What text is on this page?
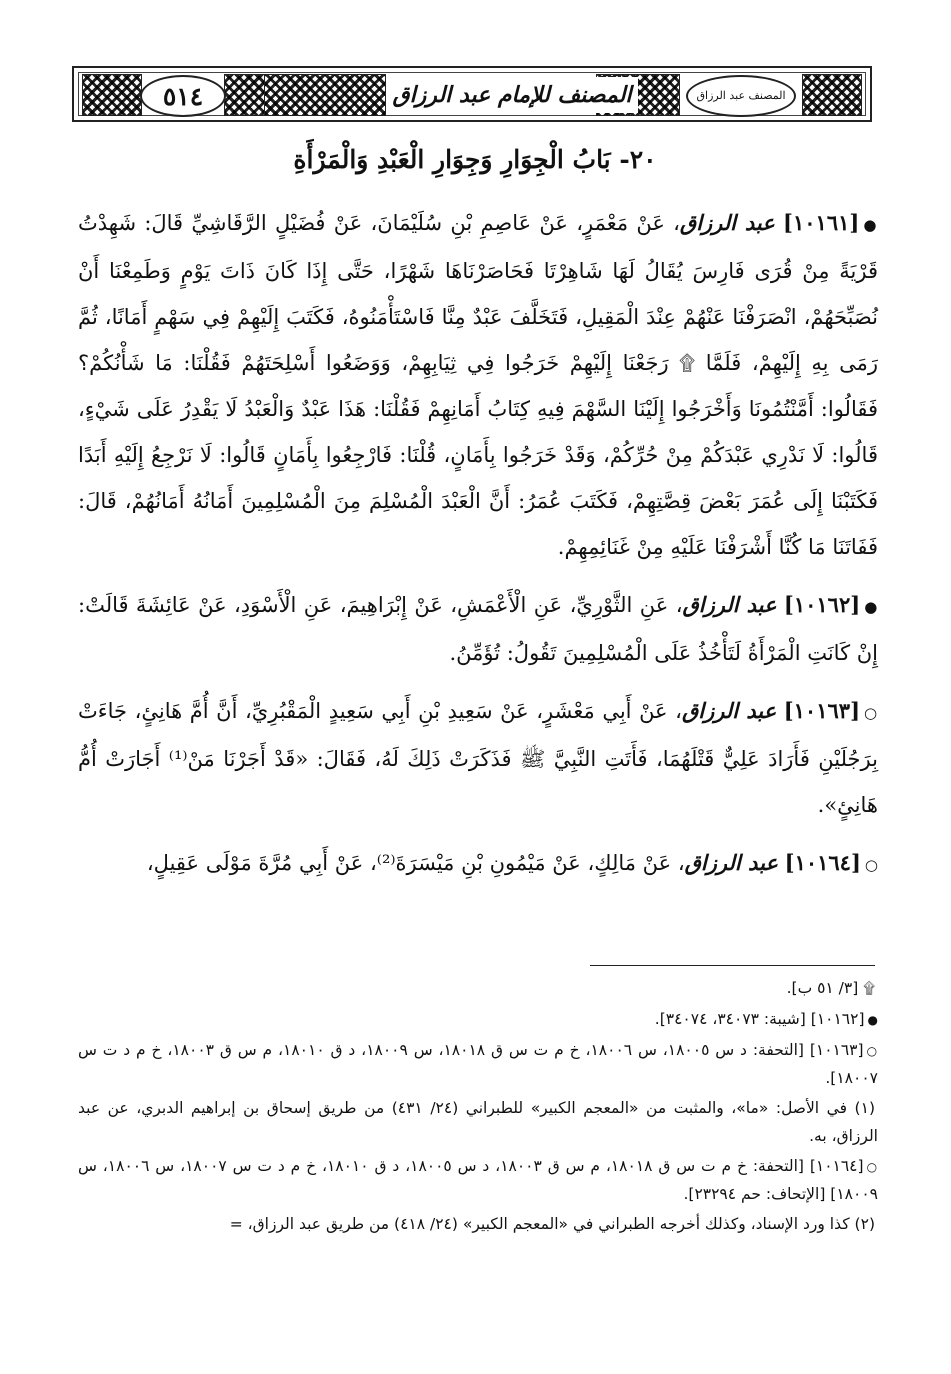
٥١٤	المصنف للإمام عبد الرزاق	المصنف عبد الرزاق
٢٠- بَابُ الْجِوَارِ وَجِوَارِ الْعَبْدِ وَالْمَرْأَةِ

●[١٠١٦١] عبد الرزاق، عَنْ مَعْمَرٍ، عَنْ عَاصِمِ بْنِ سُلَيْمَانَ، عَنْ فُضَيْلٍ الرَّقَاشِيِّ قَالَ: شَهِدْتُ قَرْيَةً مِنْ قُرَى فَارِسَ يُقَالُ لَهَا شَاهِرْتَا فَحَاصَرْنَاهَا شَهْرًا، حَتَّى إِذَا كَانَ ذَاتَ يَوْمٍ وَطَمِعْنَا أَنْ نُصَبِّحَهُمْ، انْصَرَفْنَا عَنْهُمْ عِنْدَ الْمَقِيلِ، فَتَخَلَّفَ عَبْدٌ مِنَّا فَاسْتَأْمَنُوهُ، فَكَتَبَ إِلَيْهِمْ فِي سَهْمٍ أَمَانًا، ثُمَّ رَمَى بِهِ إِلَيْهِمْ، فَلَمَّا ۩ رَجَعْنَا إِلَيْهِمْ خَرَجُوا فِي ثِيَابِهِمْ، وَوَضَعُوا أَسْلِحَتَهُمْ فَقُلْنَا: مَا شَأْنُكُمْ؟ فَقَالُوا: أَمَّنْتُمُونَا وَأَخْرَجُوا إِلَيْنَا السَّهْمَ فِيهِ كِتَابُ أَمَانِهِمْ فَقُلْنَا: هَذَا عَبْدٌ وَالْعَبْدُ لَا يَقْدِرُ عَلَى شَيْءٍ، قَالُوا: لَا نَدْرِي عَبْدَكُمْ مِنْ حُرِّكُمْ، وَقَدْ خَرَجُوا بِأَمَانٍ، قُلْنَا: فَارْجِعُوا بِأَمَانٍ قَالُوا: لَا نَرْجِعُ إِلَيْهِ أَبَدًا فَكَتَبْنَا إِلَى عُمَرَ بَعْضَ قِصَّتِهِمْ، فَكَتَبَ عُمَرُ: أَنَّ الْعَبْدَ الْمُسْلِمَ مِنَ الْمُسْلِمِينَ أَمَانُهُ أَمَانُهُمْ، قَالَ: فَفَاتَنَا مَا كُنَّا أَشْرَفْنَا عَلَيْهِ مِنْ غَنَائِمِهِمْ.

●[١٠١٦٢] عبد الرزاق، عَنِ الثَّوْرِيِّ، عَنِ الْأَعْمَشِ، عَنْ إِبْرَاهِيمَ، عَنِ الْأَسْوَدِ، عَنْ عَائِشَةَ قَالَتْ: إِنْ كَانَتِ الْمَرْأَةُ لَتَأْخُذُ عَلَى الْمُسْلِمِينَ تَقُولُ: تُؤَمِّنُ.

○[١٠١٦٣] عبد الرزاق، عَنْ أَبِي مَعْشَرٍ، عَنْ سَعِيدِ بْنِ أَبِي سَعِيدٍ الْمَقْبُرِيِّ، أَنَّ أُمَّ هَانِئٍ، جَاءَتْ بِرَجُلَيْنِ فَأَرَادَ عَلِيٌّ قَتْلَهُمَا، فَأَتَتِ النَّبِيَّ ﷺ فَذَكَرَتْ ذَلِكَ لَهُ، فَقَالَ: «قَدْ أَجَرْنَا مَنْ⁽¹⁾ أَجَارَتْ أُمُّ هَانِئٍ».

○[١٠١٦٤] عبد الرزاق، عَنْ مَالِكٍ، عَنْ مَيْمُونِ بْنِ مَيْسَرَةَ⁽²⁾، عَنْ أَبِي مُرَّةَ مَوْلَى عَقِيلٍ،

۩ [٣/ ٥١ ب].

●[١٠١٦٢] [شيبة: ٣٤٠٧٣، ٣٤٠٧٤].

○[١٠١٦٣] [التحفة: د س ١٨٠٠٥، س ١٨٠٠٦، خ م ت س ق ١٨٠١٨، س ١٨٠٠٩، د ق ١٨٠١٠، م س ق ١٨٠٠٣، خ م د ت س ١٨٠٠٧].

(١) في الأصل: «ما»، والمثبت من «المعجم الكبير» للطبراني (٢٤/ ٤٣١) من طريق إسحاق بن إبراهيم الدبري، عن عبد الرزاق، به.

○[١٠١٦٤] [التحفة: خ م ت س ق ١٨٠١٨، م س ق ١٨٠٠٣، د س ١٨٠٠٥، د ق ١٨٠١٠، خ م د ت س ١٨٠٠٧، س ١٨٠٠٦، س ١٨٠٠٩] [الإتحاف: حم ٢٣٢٩٤].

(٢) كذا ورد الإسناد، وكذلك أخرجه الطبراني في «المعجم الكبير» (٢٤/ ٤١٨) من طريق عبد الرزاق، =
